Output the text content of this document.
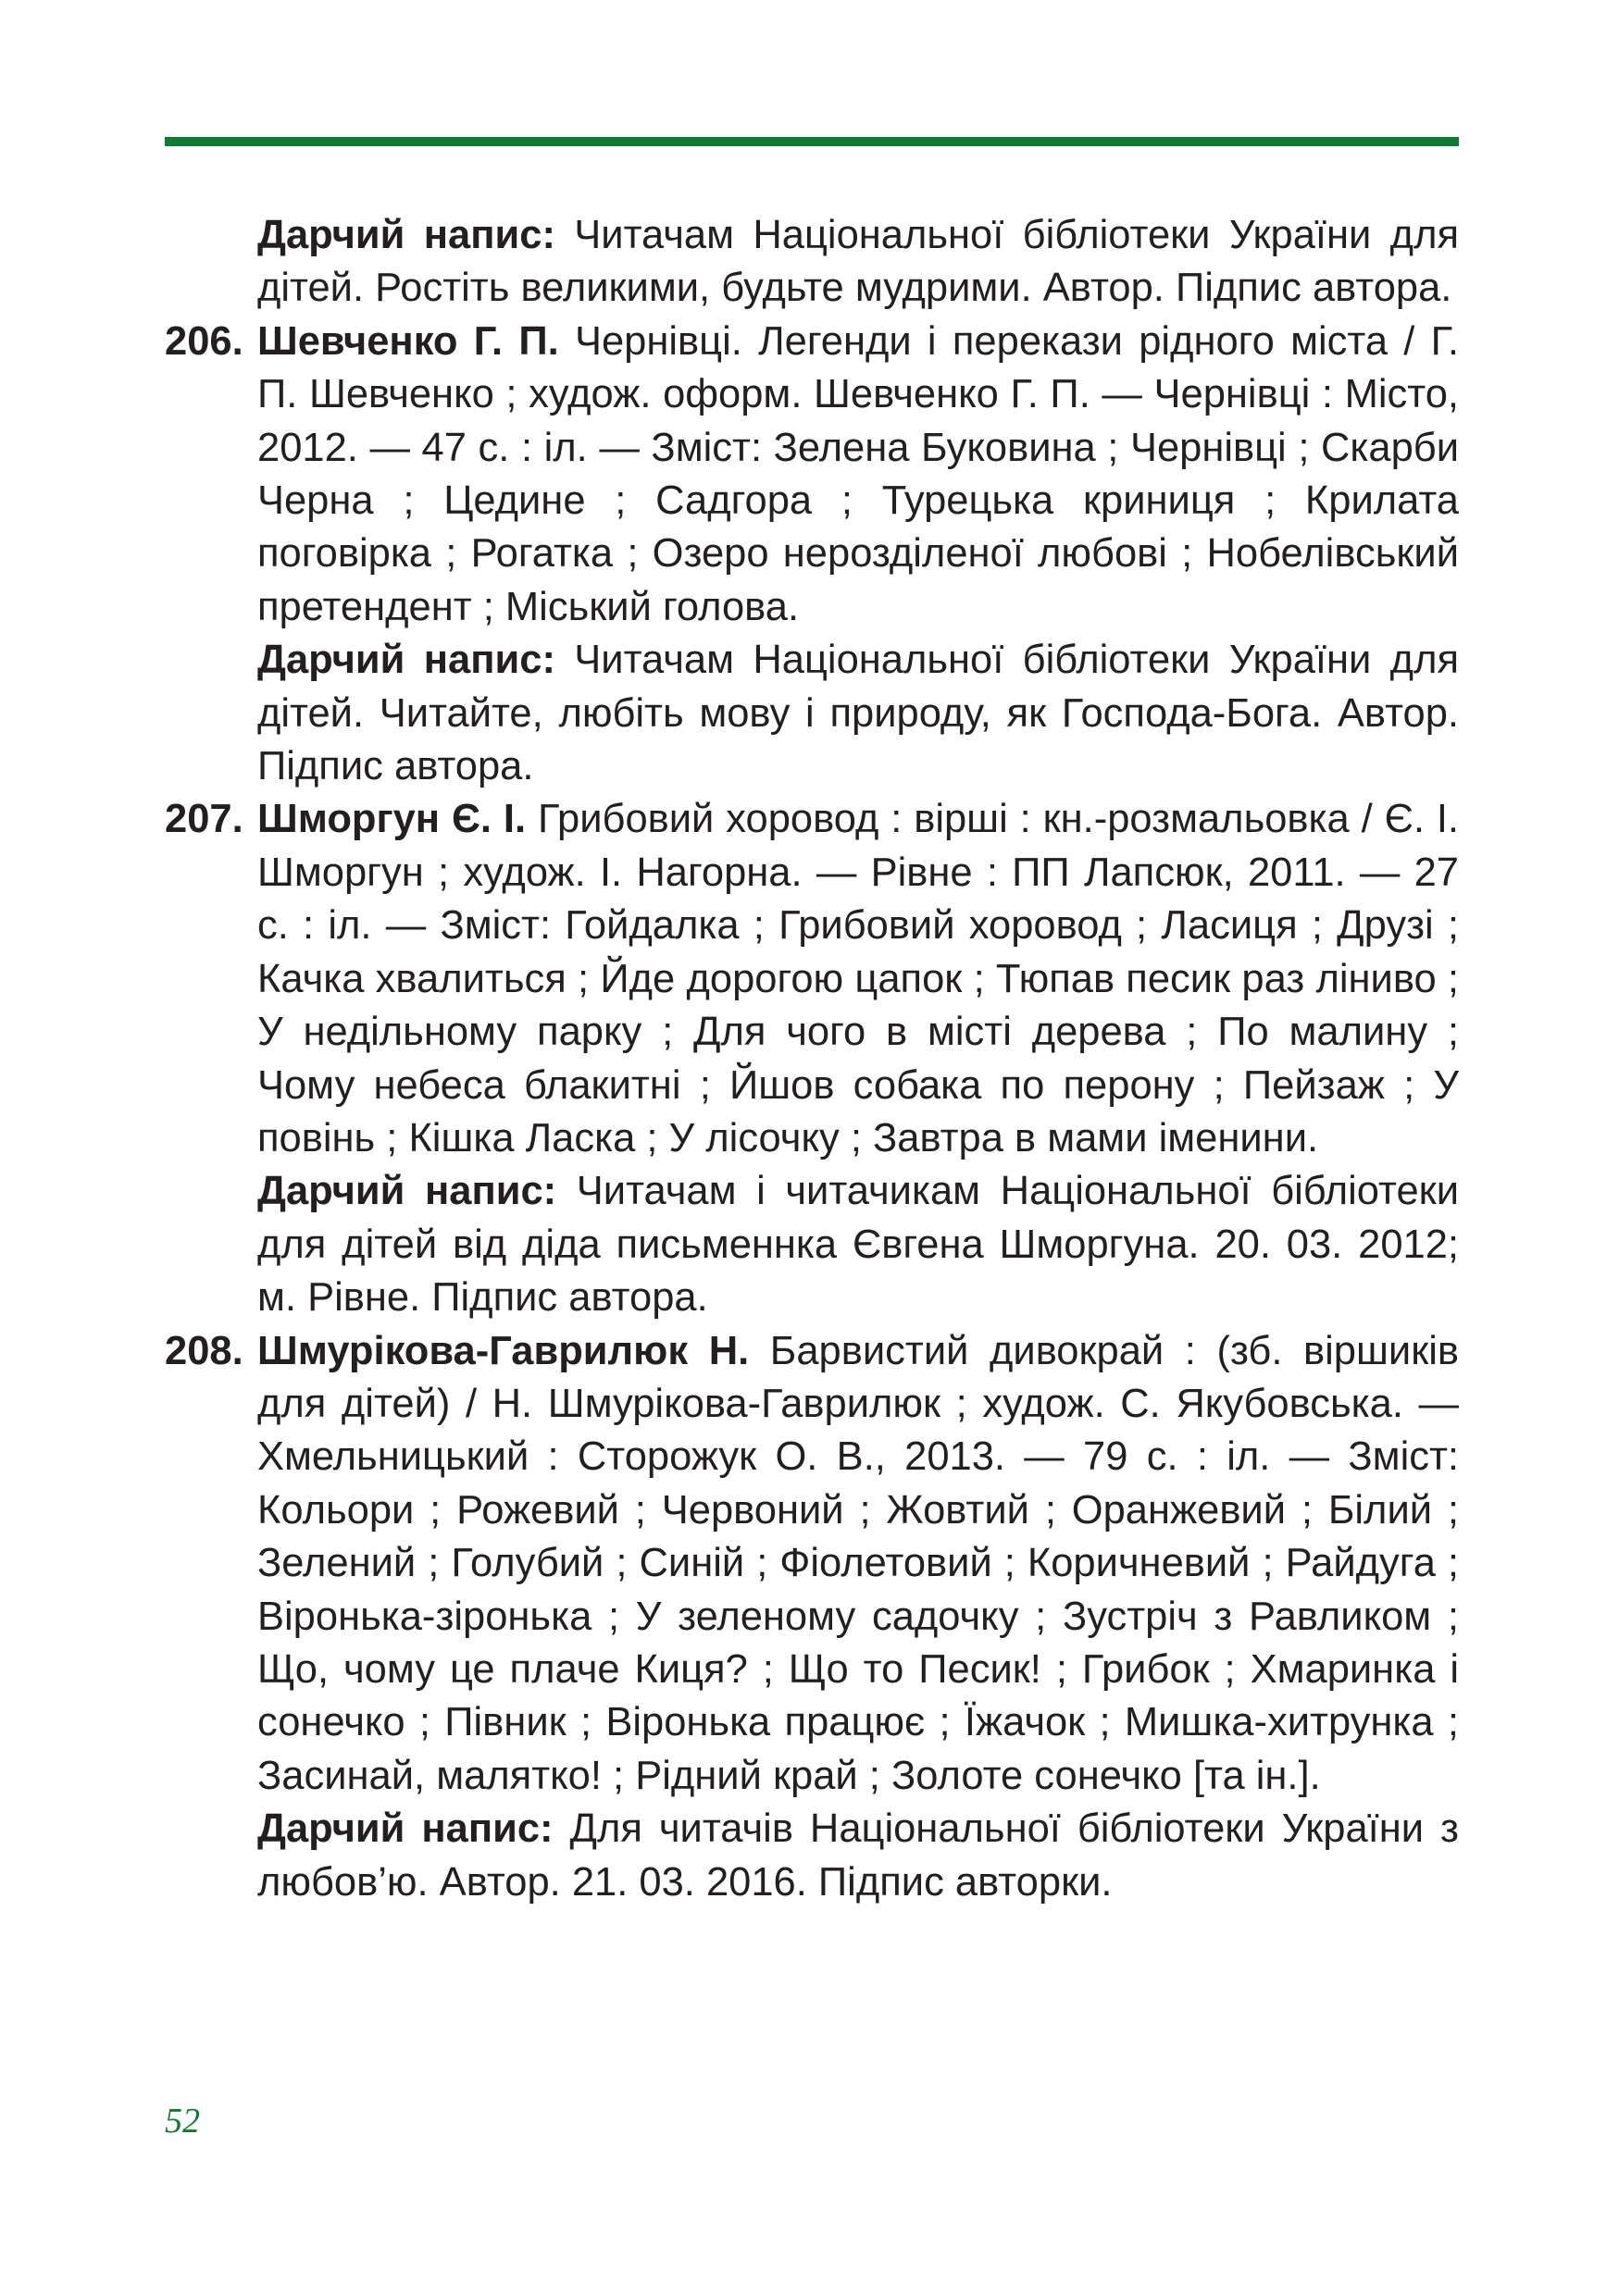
Дарчий напис: Читачам Національної бібліотеки України для дітей. Ростіть великими, будьте мудрими. Автор. Підпис автора.

206. Шевченко Г. П. Чернівці. Легенди і перекази рідного міста / Г. П. Шевченко ; худож. оформ. Шевченко Г. П. — Чернівці : Місто, 2012. — 47 с. : іл. — Зміст: Зелена Буковина ; Чернівці ; Скарби Черна ; Цедине ; Садгора ; Турецька криниця ; Крилата поговірка ; Рогатка ; Озеро нерозділеної любові ; Нобелівський претендент ; Міський голова.

Дарчий напис: Читачам Національної бібліотеки України для дітей. Читайте, любіть мову і природу, як Господа-Бога. Автор. Підпис автора.

207. Шморгун Є. І. Грибовий хоровод : вірші : кн.-розмальовка / Є. І. Шморгун ; худож. І. Нагорна. — Рівне : ПП Лапсюк, 2011. — 27 с. : іл. — Зміст: Гойдалка ; Грибовий хоровод ; Ласиця ; Друзі ; Качка хвалиться ; Йде дорогою цапок ; Тюпав песик раз ліниво ; У недільному парку ; Для чого в місті дерева ; По малину ; Чому небеса блакитні ; Йшов собака по перону ; Пейзаж ; У повінь ; Кішка Ласка ; У лісочку ; Завтра в мами іменини.

Дарчий напис: Читачам і читачикам Національної бібліотеки для дітей від діда письменнка Євгена Шморгуна. 20. 03. 2012; м. Рівне. Підпис автора.

208. Шмурікова-Гаврилюк Н. Барвистий дивокрай : (зб. віршиків для дітей) / Н. Шмурікова-Гаврилюк ; худож. С. Якубовська. — Хмельницький : Сторожук О. В., 2013. — 79 с. : іл. — Зміст: Кольори ; Рожевий ; Червоний ; Жовтий ; Оранжевий ; Білий ; Зелений ; Голубий ; Синій ; Фіолетовий ; Коричневий ; Райдуга ; Віронька-зіронька ; У зеленому садочку ; Зустріч з Равликом ; Що, чому це плаче Киця? ; Що то Песик! ; Грибок ; Хмаринка і сонечко ; Півник ; Віронька працює ; Їжачок ; Мишка-хитрунка ; Засинай, малятко! ; Рідний край ; Золоте сонечко [та ін.].

Дарчий напис: Для читачів Національної бібліотеки України з любов’ю. Автор. 21. 03. 2016. Підпис авторки.

52
